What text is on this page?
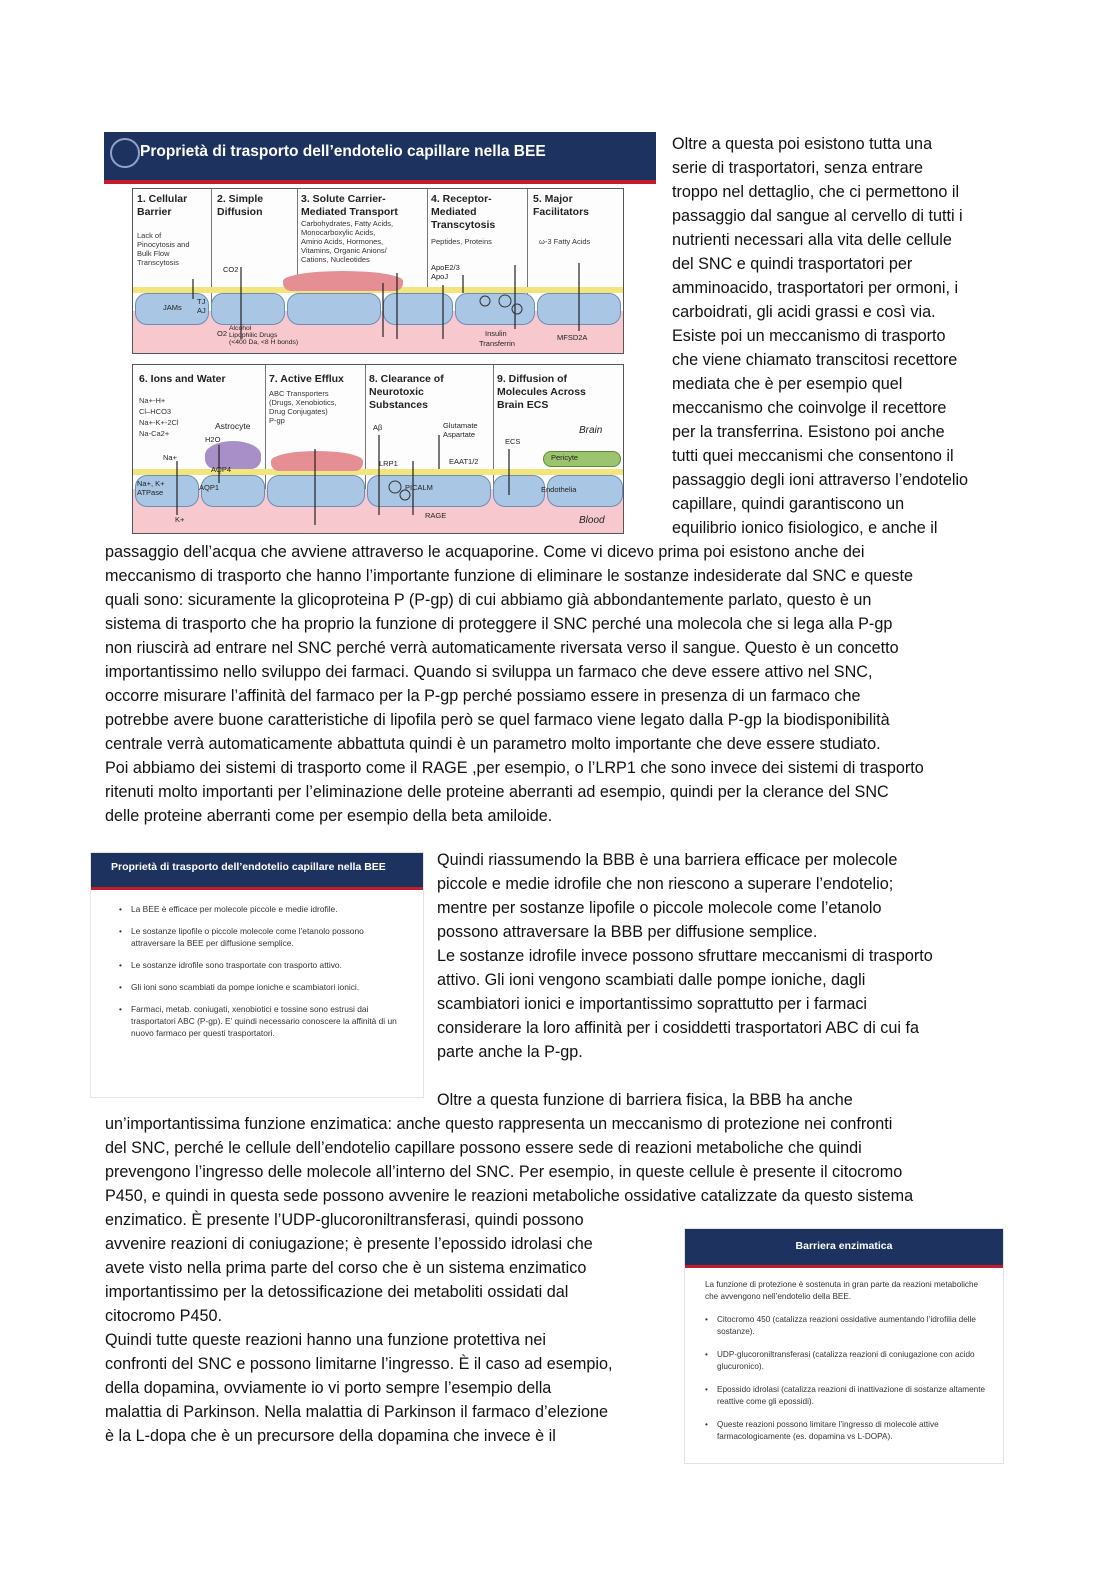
Proprietà di trasporto dell’endotelio capillare nella BEE
1. Cellular
Barrier
Lack of
Pinocytosis and
Bulk Flow
Transcytosis
2. Simple
Diffusion
3. Solute Carrier-
Mediated Transport
Carbohydrates, Fatty Acids,
Monocarboxylic Acids,
Amino Acids, Hormones,
Vitamins, Organic Anions/
Cations, Nucleotides
4. Receptor-
Mediated
Transcytosis
Peptides, Proteins
5. Major
Facilitators
ω-3 Fatty Acids
CO2
JAMs
TJ
AJ
O2
Alcohol
Lipophilic Drugs
(<400 Da, <8 H bonds)
ApoE2/3
ApoJ
Insulin
Transferrin
MFSD2A
6. Ions and Water
Na+-H+
Cl–HCO3
Na+-K+-2Cl
Na-Ca2+
7. Active Efflux
ABC Transporters
(Drugs, Xenobiotics,
Drug Conjugates)
P-gp
8. Clearance of
Neurotoxic
Substances
9. Diffusion of
Molecules Across
Brain ECS
Astrocyte
H2O
Na+
AQP4
AQP1
Na+, K+
ATPase
K+
Aβ	Glutamate
Aspartate
LRP1	EAAT1/2
PICALM
RAGE
ECS
Brain
Pericyte
Endothelia
Blood
Oltre a questa poi esistono tutta una
serie di trasportatori, senza entrare
troppo nel dettaglio, che ci permettono il
passaggio dal sangue al cervello di tutti i
nutrienti necessari alla vita delle cellule
del SNC e quindi trasportatori per
amminoacido, trasportatori per ormoni, i
carboidrati, gli acidi grassi e così via.
Esiste poi un meccanismo di trasporto
che viene chiamato transcitosi recettore
mediata che è per esempio quel
meccanismo che coinvolge il recettore
per la transferrina. Esistono poi anche
tutti quei meccanismi che consentono il
passaggio degli ioni attraverso l’endotelio
capillare, quindi garantiscono un
equilibrio ionico fisiologico, e anche il
passaggio dell’acqua che avviene attraverso le acquaporine. Come vi dicevo prima poi esistono anche dei
meccanismo di trasporto che hanno l’importante funzione di eliminare le sostanze indesiderate dal SNC e queste
quali sono: sicuramente la glicoproteina P (P-gp) di cui abbiamo già abbondantemente parlato, questo è un
sistema di trasporto che ha proprio la funzione di proteggere il SNC perché una molecola che si lega alla P-gp
non riuscirà ad entrare nel SNC perché verrà automaticamente riversata verso il sangue. Questo è un concetto
importantissimo nello sviluppo dei farmaci. Quando si sviluppa un farmaco che deve essere attivo nel SNC,
occorre misurare l’affinità del farmaco per la P-gp perché possiamo essere in presenza di un farmaco che
potrebbe avere buone caratteristiche di lipofila però se quel farmaco viene legato dalla P-gp la biodisponibilità
centrale verrà automaticamente abbattuta quindi è un parametro molto importante che deve essere studiato.
Poi abbiamo dei sistemi di trasporto come il RAGE ,per esempio, o l’LRP1 che sono invece dei sistemi di trasporto
ritenuti molto importanti per l’eliminazione delle proteine aberranti ad esempio, quindi per la clerance del SNC
delle proteine aberranti come per esempio della beta amiloide.
Proprietà di trasporto dell’endotelio capillare nella BEE
• La BEE è efficace per molecole piccole e medie idrofile.
• Le sostanze lipofile o piccole molecole come l’etanolo possono attraversare la BEE per diffusione semplice.
• Le sostanze idrofile sono trasportate con trasporto attivo.
• Gli ioni sono scambiati da pompe ioniche e scambiatori ionici.
• Farmaci, metab. coniugati, xenobiotici e tossine sono estrusi dai trasportatori ABC (P-gp). E’ quindi necessario conoscere la affinità di un nuovo farmaco per questi trasportatori.
Quindi riassumendo la BBB è una barriera efficace per molecole
piccole e medie idrofile che non riescono a superare l’endotelio;
mentre per sostanze lipofile o piccole molecole come l’etanolo
possono attraversare la BBB per diffusione semplice.
Le sostanze idrofile invece possono sfruttare meccanismi di trasporto
attivo. Gli ioni vengono scambiati dalle pompe ioniche, dagli
scambiatori ionici e importantissimo soprattutto per i farmaci
considerare la loro affinità per i cosiddetti trasportatori ABC di cui fa
parte anche la P-gp.
Oltre a questa funzione di barriera fisica, la BBB ha anche
un’importantissima funzione enzimatica: anche questo rappresenta un meccanismo di protezione nei confronti
del SNC, perché le cellule dell’endotelio capillare possono essere sede di reazioni metaboliche che quindi
prevengono l’ingresso delle molecole all’interno del SNC. Per esempio, in queste cellule è presente il citocromo
P450, e quindi in questa sede possono avvenire le reazioni metaboliche ossidative catalizzate da questo sistema
enzimatico. È presente l’UDP-glucoroniltransferasi, quindi possono
avvenire reazioni di coniugazione; è presente l’epossido idrolasi che
avete visto nella prima parte del corso che è un sistema enzimatico
importantissimo per la detossificazione dei metaboliti ossidati dal
citocromo P450.
Quindi tutte queste reazioni hanno una funzione protettiva nei
confronti del SNC e possono limitarne l’ingresso. È il caso ad esempio,
della dopamina, ovviamente io vi porto sempre l’esempio della
malattia di Parkinson. Nella malattia di Parkinson il farmaco d’elezione
è la L-dopa che è un precursore della dopamina che invece è il
Barriera enzimatica
La funzione di protezione è sostenuta in gran parte da reazioni metaboliche che avvengono nell’endotelio della BEE.
• Citocromo 450 (catalizza reazioni ossidative aumentando l’idrofilia delle sostanze).
• UDP-glucoroniltransferasi (catalizza reazioni di coniugazione con acido glucuronico).
• Epossido idrolasi (catalizza reazioni di inattivazione di sostanze altamente reattive come gli epossidi).
• Queste reazioni possono limitare l’ingresso di molecole attive farmacologicamente (es. dopamina vs L-DOPA).
